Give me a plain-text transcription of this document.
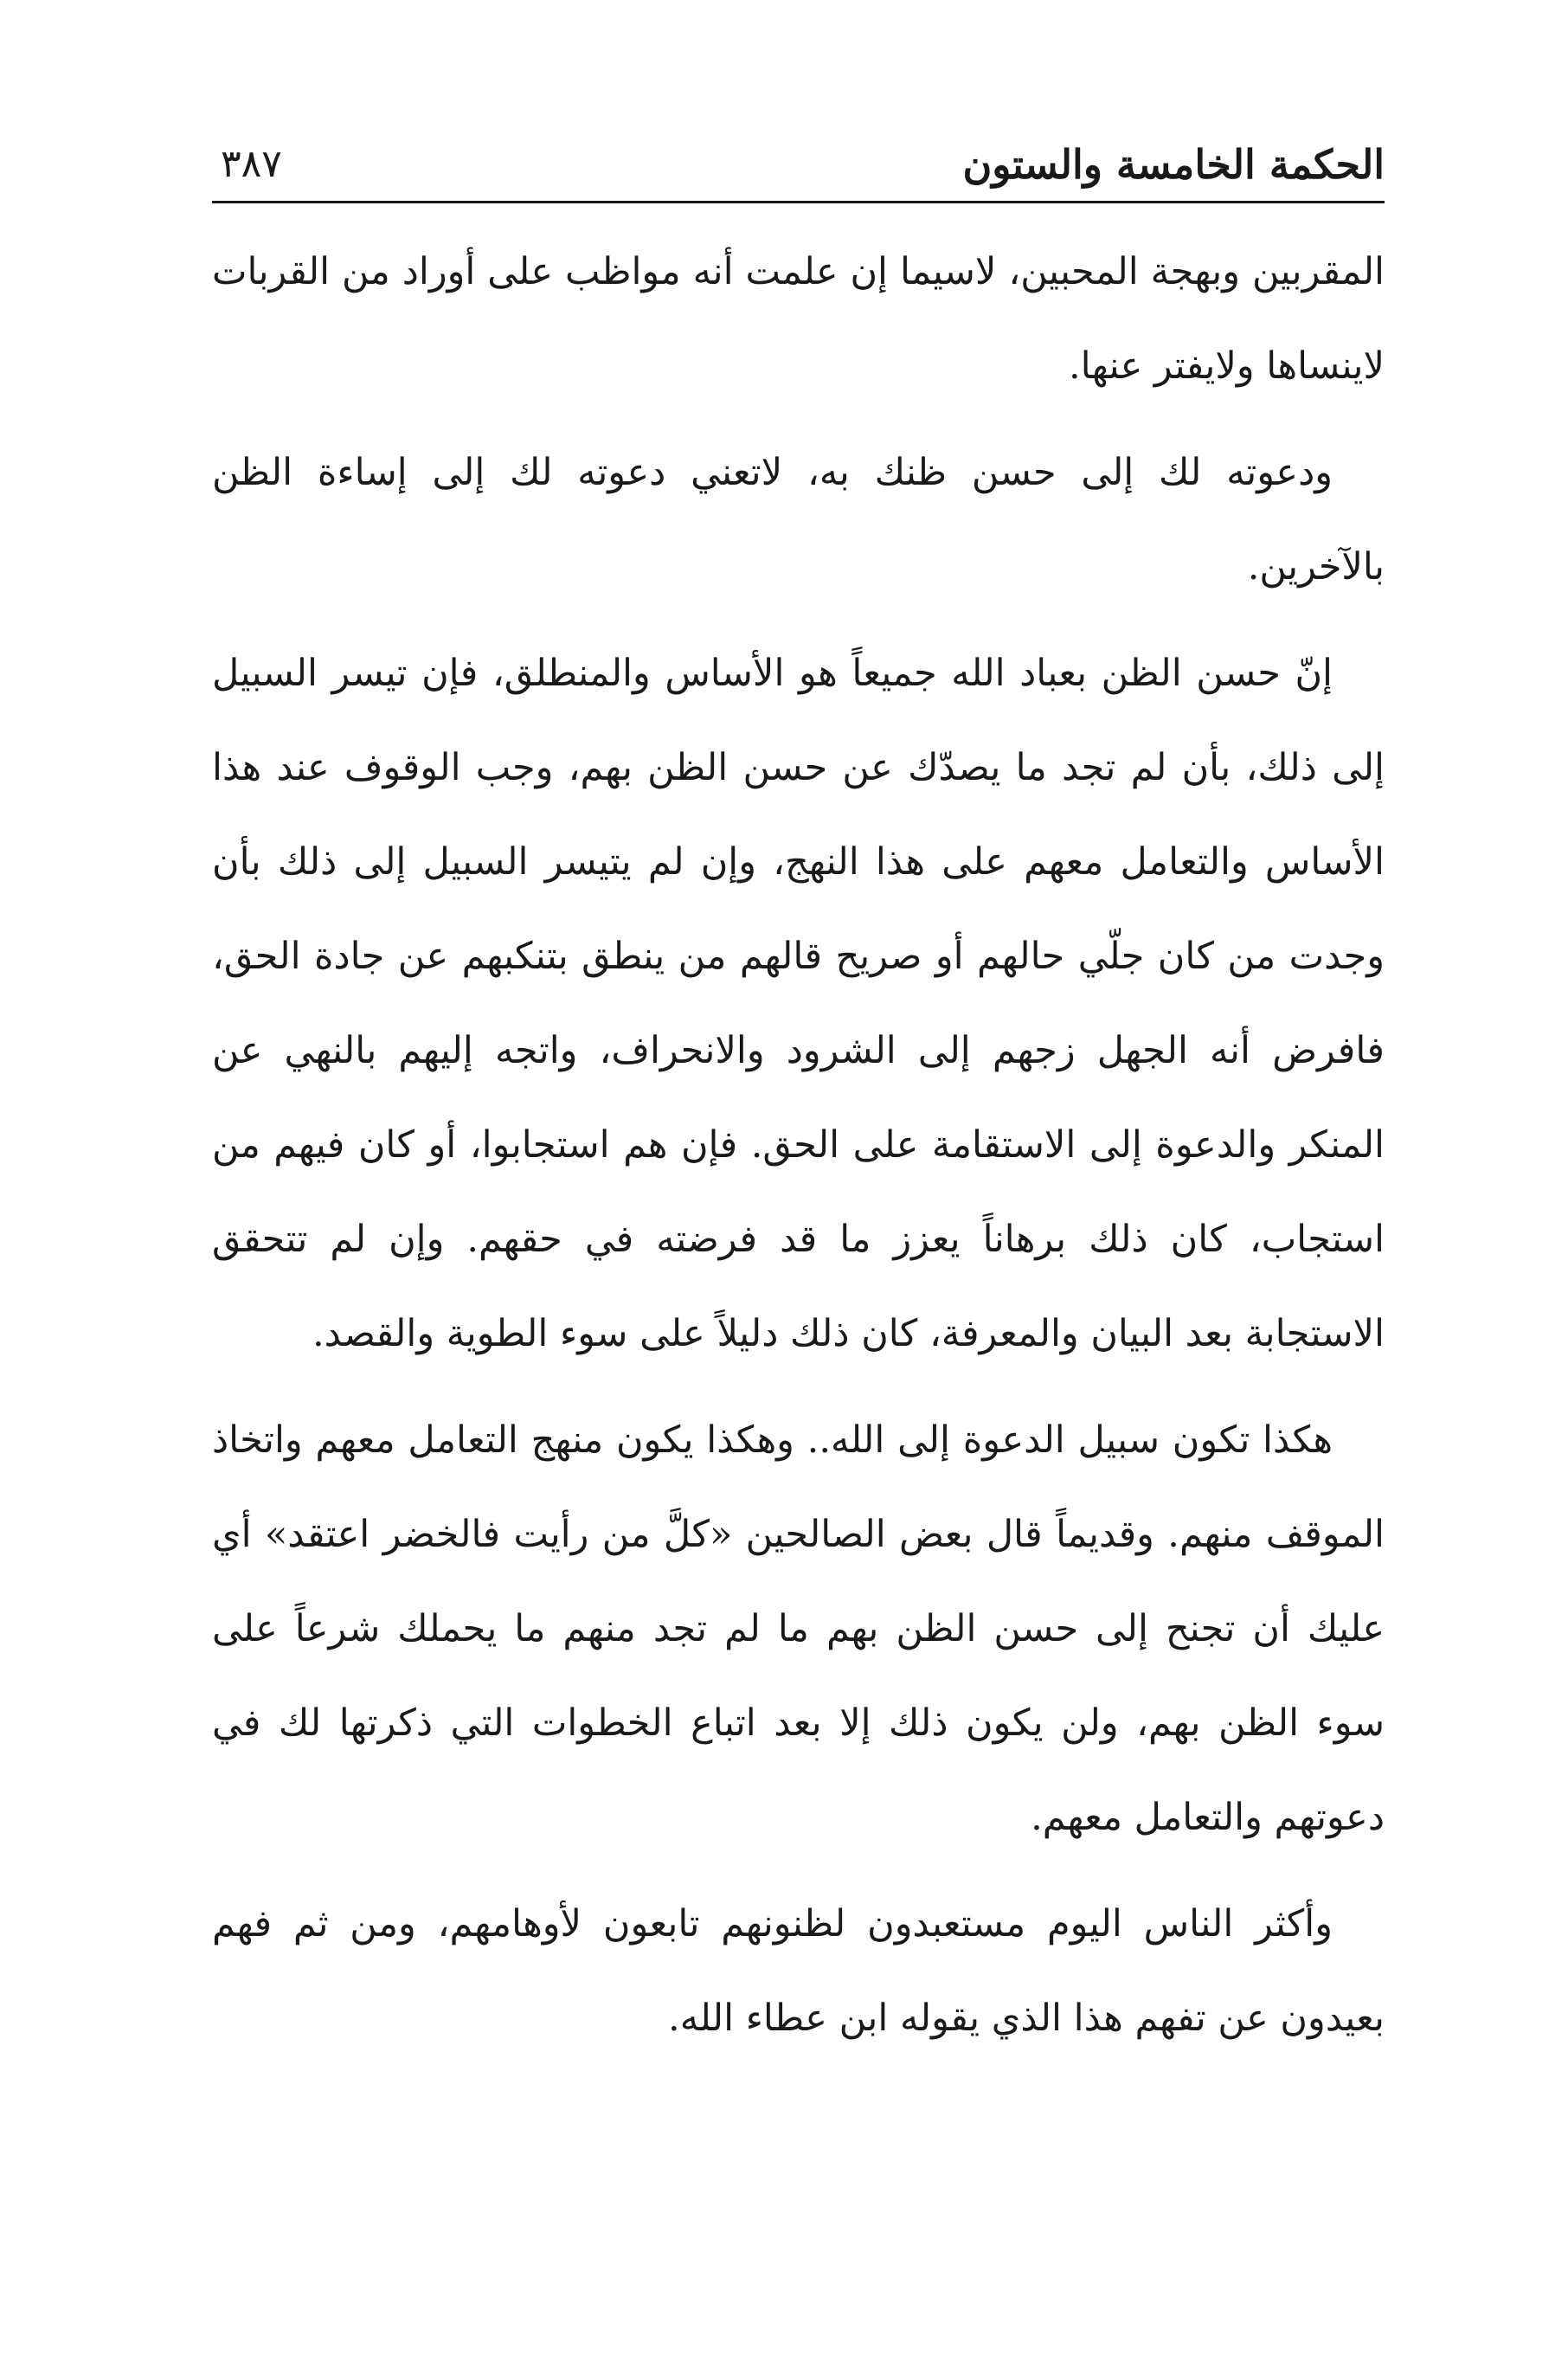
الحكمة الخامسة والستون
٣٨٧

المقربين وبهجة المحبين، لاسيما إن علمت أنه مواظب على أوراد من القربات لاينساها ولايفتر عنها.

ودعوته لك إلى حسن ظنك به، لاتعني دعوته لك إلى إساءة الظن بالآخرين.

إنّ حسن الظن بعباد الله جميعاً هو الأساس والمنطلق، فإن تيسر السبيل إلى ذلك، بأن لم تجد ما يصدّك عن حسن الظن بهم، وجب الوقوف عند هذا الأساس والتعامل معهم على هذا النهج، وإن لم يتيسر السبيل إلى ذلك بأن وجدت من كان جلّي حالهم أو صريح قالهم من ينطق بتنكبهم عن جادة الحق، فافرض أنه الجهل زجهم إلى الشرود والانحراف، واتجه إليهم بالنهي عن المنكر والدعوة إلى الاستقامة على الحق. فإن هم استجابوا، أو كان فيهم من استجاب، كان ذلك برهاناً يعزز ما قد فرضته في حقهم. وإن لم تتحقق الاستجابة بعد البيان والمعرفة، كان ذلك دليلاً على سوء الطوية والقصد.

هكذا تكون سبيل الدعوة إلى الله.. وهكذا يكون منهج التعامل معهم واتخاذ الموقف منهم. وقديماً قال بعض الصالحين «كلَّ من رأيت فالخضر اعتقد» أي عليك أن تجنح إلى حسن الظن بهم ما لم تجد منهم ما يحملك شرعاً على سوء الظن بهم، ولن يكون ذلك إلا بعد اتباع الخطوات التي ذكرتها لك في دعوتهم والتعامل معهم.

وأكثر الناس اليوم مستعبدون لظنونهم تابعون لأوهامهم، ومن ثم فهم بعيدون عن تفهم هذا الذي يقوله ابن عطاء الله.
